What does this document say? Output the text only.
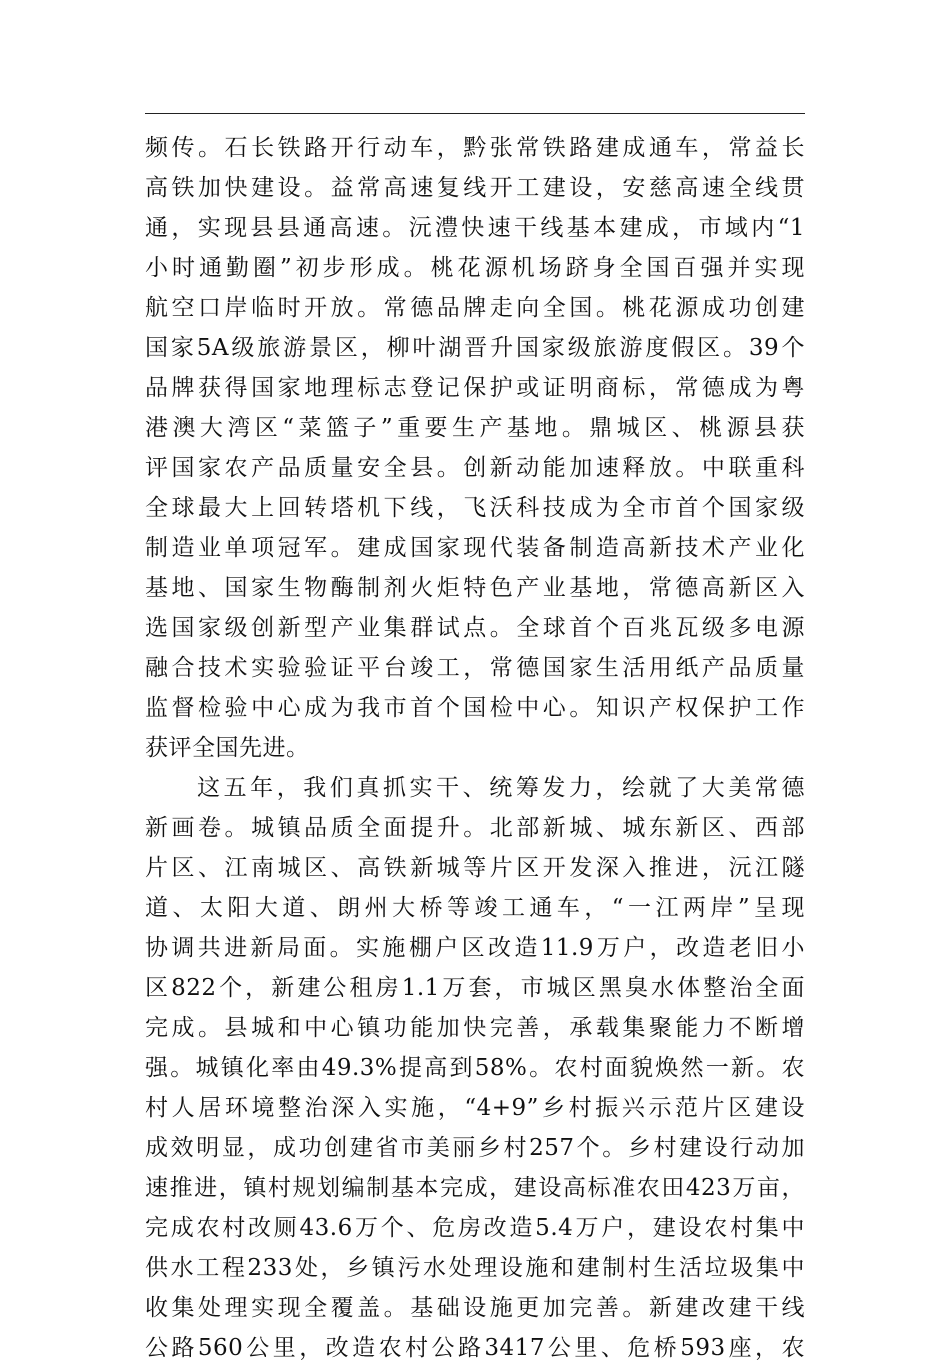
频传。石长铁路开行动车，黔张常铁路建成通车，常益长
高铁加快建设。益常高速复线开工建设，安慈高速全线贯
通，实现县县通高速。沅澧快速干线基本建成，市域内“1
小时通勤圈”初步形成。桃花源机场跻身全国百强并实现
航空口岸临时开放。常德品牌走向全国。桃花源成功创建
国家5A级旅游景区，柳叶湖晋升国家级旅游度假区。39个
品牌获得国家地理标志登记保护或证明商标，常德成为粤
港澳大湾区“菜篮子”重要生产基地。鼎城区、桃源县获
评国家农产品质量安全县。创新动能加速释放。中联重科
全球最大上回转塔机下线，飞沃科技成为全市首个国家级
制造业单项冠军。建成国家现代装备制造高新技术产业化
基地、国家生物酶制剂火炬特色产业基地，常德高新区入
选国家级创新型产业集群试点。全球首个百兆瓦级多电源
融合技术实验验证平台竣工，常德国家生活用纸产品质量
监督检验中心成为我市首个国检中心。知识产权保护工作
获评全国先进。
这五年，我们真抓实干、统筹发力，绘就了大美常德
新画卷。城镇品质全面提升。北部新城、城东新区、西部
片区、江南城区、高铁新城等片区开发深入推进，沅江隧
道、太阳大道、朗州大桥等竣工通车，“一江两岸”呈现
协调共进新局面。实施棚户区改造11.9万户，改造老旧小
区822个，新建公租房1.1万套，市城区黑臭水体整治全面
完成。县城和中心镇功能加快完善，承载集聚能力不断增
强。城镇化率由49.3%提高到58%。农村面貌焕然一新。农
村人居环境整治深入实施，“4+9”乡村振兴示范片区建设
成效明显，成功创建省市美丽乡村257个。乡村建设行动加
速推进，镇村规划编制基本完成，建设高标准农田423万亩，
完成农村改厕43.6万个、危房改造5.4万户，建设农村集中
供水工程233处，乡镇污水处理设施和建制村生活垃圾集中
收集处理实现全覆盖。基础设施更加完善。新建改建干线
公路560公里，改造农村公路3417公里、危桥593座，农
